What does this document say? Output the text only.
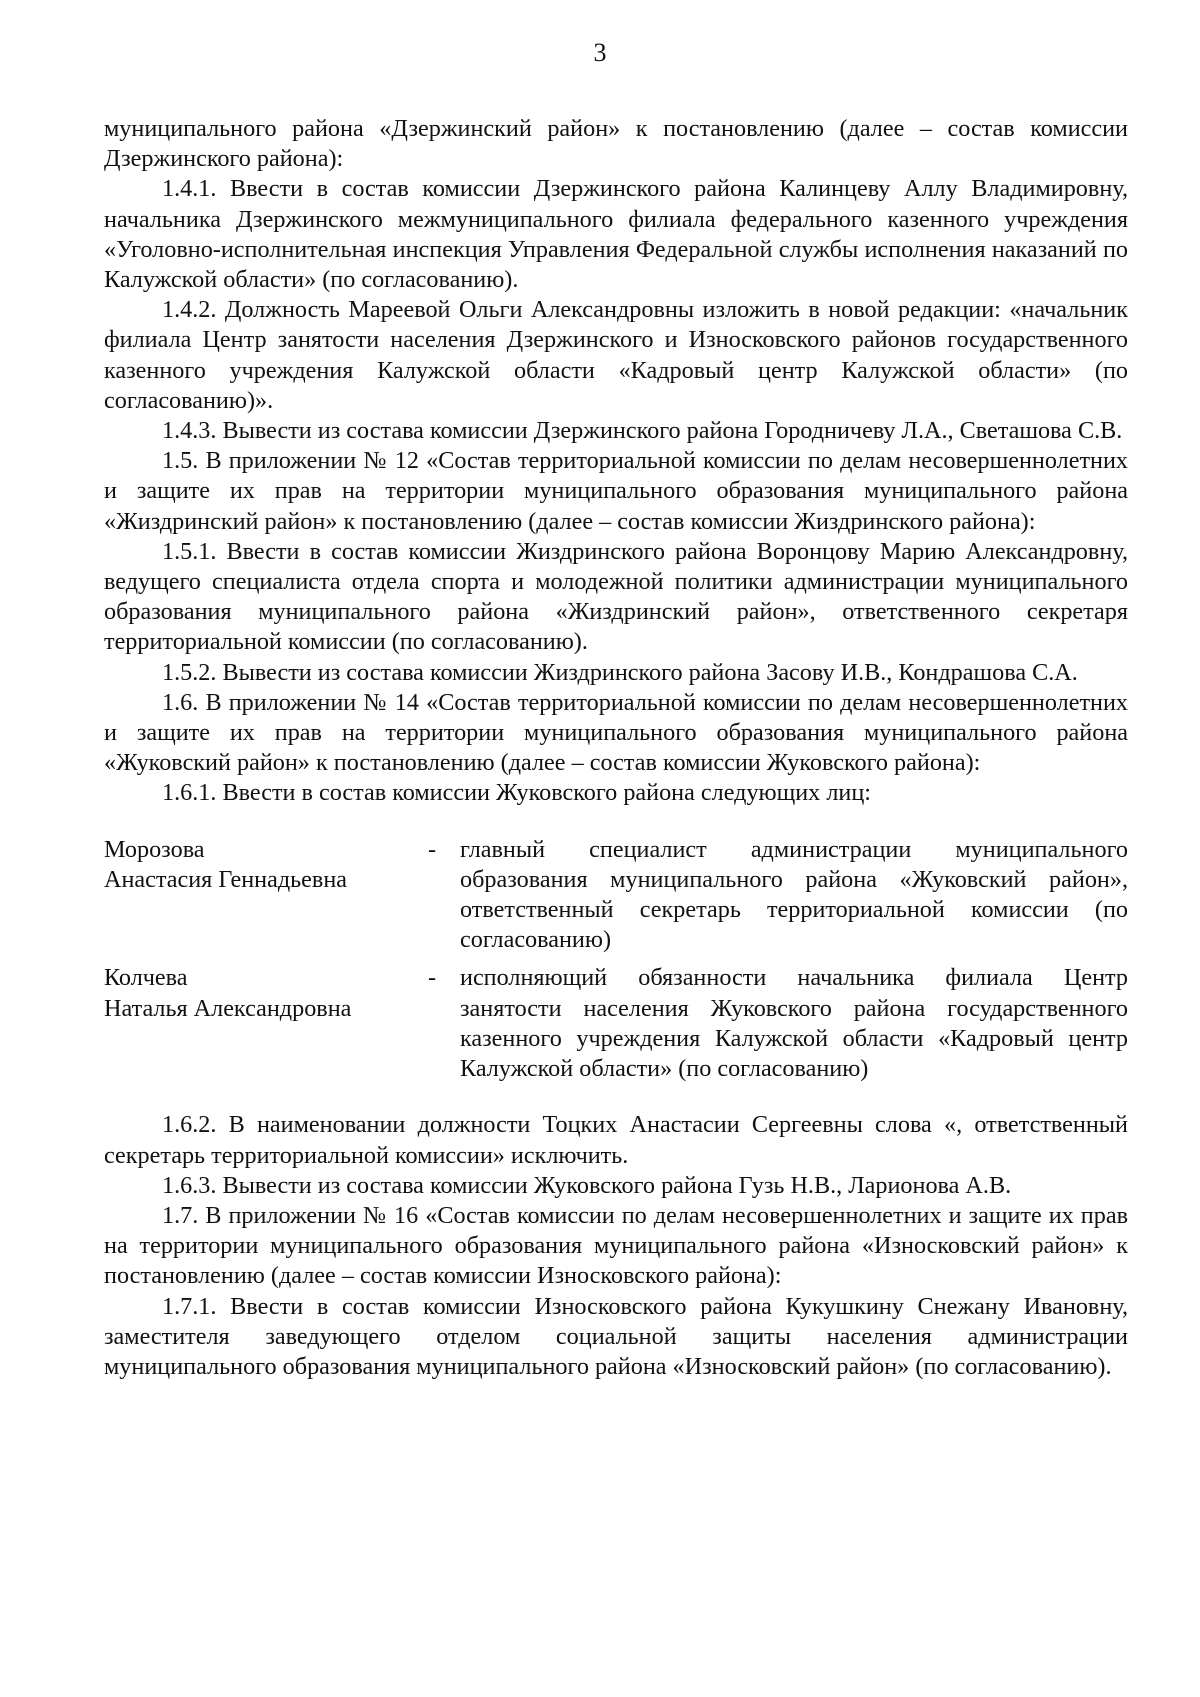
3

муниципального района «Дзержинский район» к постановлению (далее – состав комиссии Дзержинского района):

1.4.1. Ввести в состав комиссии Дзержинского района Калинцеву Аллу Владимировну, начальника Дзержинского межмуниципального филиала федерального казенного учреждения «Уголовно-исполнительная инспекция Управления Федеральной службы исполнения наказаний по Калужской области» (по согласованию).

1.4.2. Должность Мареевой Ольги Александровны изложить в новой редакции: «начальник филиала Центр занятости населения Дзержинского и Износковского районов государственного казенного учреждения Калужской области «Кадровый центр Калужской области» (по согласованию)».

1.4.3. Вывести из состава комиссии Дзержинского района Городничеву Л.А., Светашова С.В.

1.5. В приложении № 12 «Состав территориальной комиссии по делам несовершеннолетних и защите их прав на территории муниципального образования муниципального района «Жиздринский район» к постановлению (далее – состав комиссии Жиздринского района):

1.5.1. Ввести в состав комиссии Жиздринского района Воронцову Марию Александровну, ведущего специалиста отдела спорта и молодежной политики администрации муниципального образования муниципального района «Жиздринский район», ответственного секретаря территориальной комиссии (по согласованию).

1.5.2. Вывести из состава комиссии Жиздринского района Засову И.В., Кондрашова С.А.

1.6. В приложении № 14 «Состав территориальной комиссии по делам несовершеннолетних и защите их прав на территории муниципального образования муниципального района «Жуковский район» к постановлению (далее – состав комиссии Жуковского района):

1.6.1. Ввести в состав комиссии Жуковского района следующих лиц:

Морозова
Анастасия Геннадьевна
- главный специалист администрации муниципального образования муниципального района «Жуковский район», ответственный секретарь территориальной комиссии (по согласованию)
Колчева
Наталья Александровна
- исполняющий обязанности начальника филиала Центр занятости населения Жуковского района государственного казенного учреждения Калужской области «Кадровый центр Калужской области» (по согласованию)

1.6.2. В наименовании должности Тоцких Анастасии Сергеевны слова «, ответственный секретарь территориальной комиссии» исключить.

1.6.3. Вывести из состава комиссии Жуковского района Гузь Н.В., Ларионова А.В.

1.7. В приложении № 16 «Состав комиссии по делам несовершеннолетних и защите их прав на территории муниципального образования муниципального района «Износковский район» к постановлению (далее – состав комиссии Износковского района):

1.7.1. Ввести в состав комиссии Износковского района Кукушкину Снежану Ивановну, заместителя заведующего отделом социальной защиты населения администрации муниципального образования муниципального района «Износковский район» (по согласованию).
